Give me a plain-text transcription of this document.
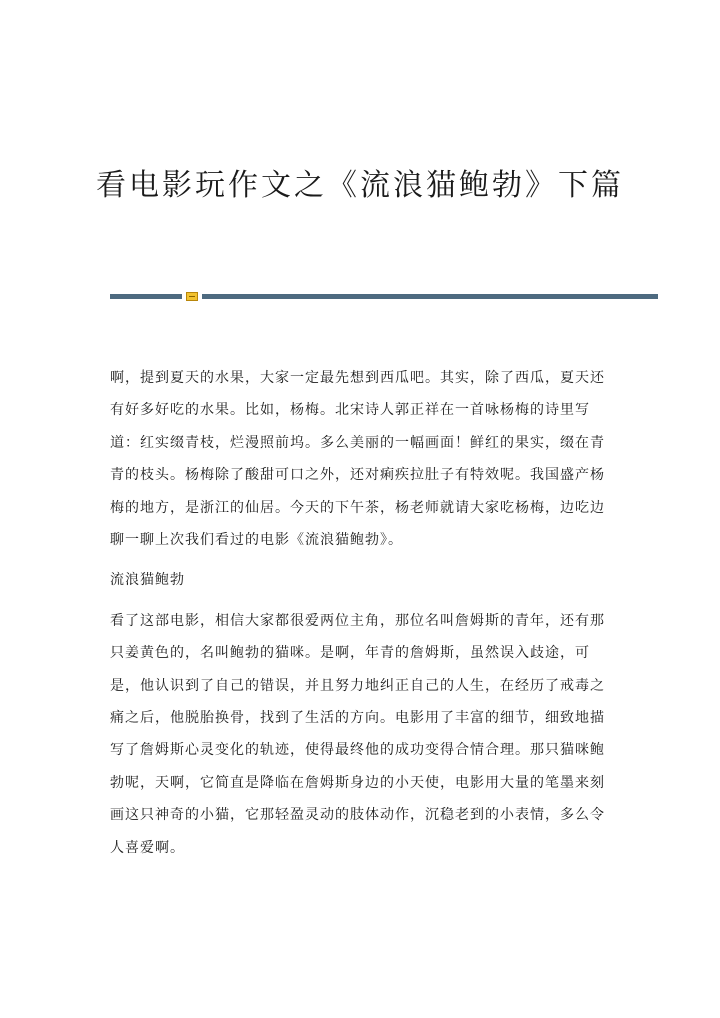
看电影玩作文之《流浪猫鲍勃》下篇

啊，提到夏天的水果，大家一定最先想到西瓜吧。其实，除了西瓜，夏天还有好多好吃的水果。比如，杨梅。北宋诗人郭正祥在一首咏杨梅的诗里写道：红实缀青枝，烂漫照前坞。多么美丽的一幅画面！鲜红的果实，缀在青青的枝头。杨梅除了酸甜可口之外，还对痢疾拉肚子有特效呢。我国盛产杨梅的地方，是浙江的仙居。今天的下午茶，杨老师就请大家吃杨梅，边吃边聊一聊上次我们看过的电影《流浪猫鲍勃》。

流浪猫鲍勃

看了这部电影，相信大家都很爱两位主角，那位名叫詹姆斯的青年，还有那只姜黄色的，名叫鲍勃的猫咪。是啊，年青的詹姆斯，虽然误入歧途，可是，他认识到了自己的错误，并且努力地纠正自己的人生，在经历了戒毒之痛之后，他脱胎换骨，找到了生活的方向。电影用了丰富的细节，细致地描写了詹姆斯心灵变化的轨迹，使得最终他的成功变得合情合理。那只猫咪鲍勃呢，天啊，它简直是降临在詹姆斯身边的小天使，电影用大量的笔墨来刻画这只神奇的小猫，它那轻盈灵动的肢体动作，沉稳老到的小表情，多么令人喜爱啊。
